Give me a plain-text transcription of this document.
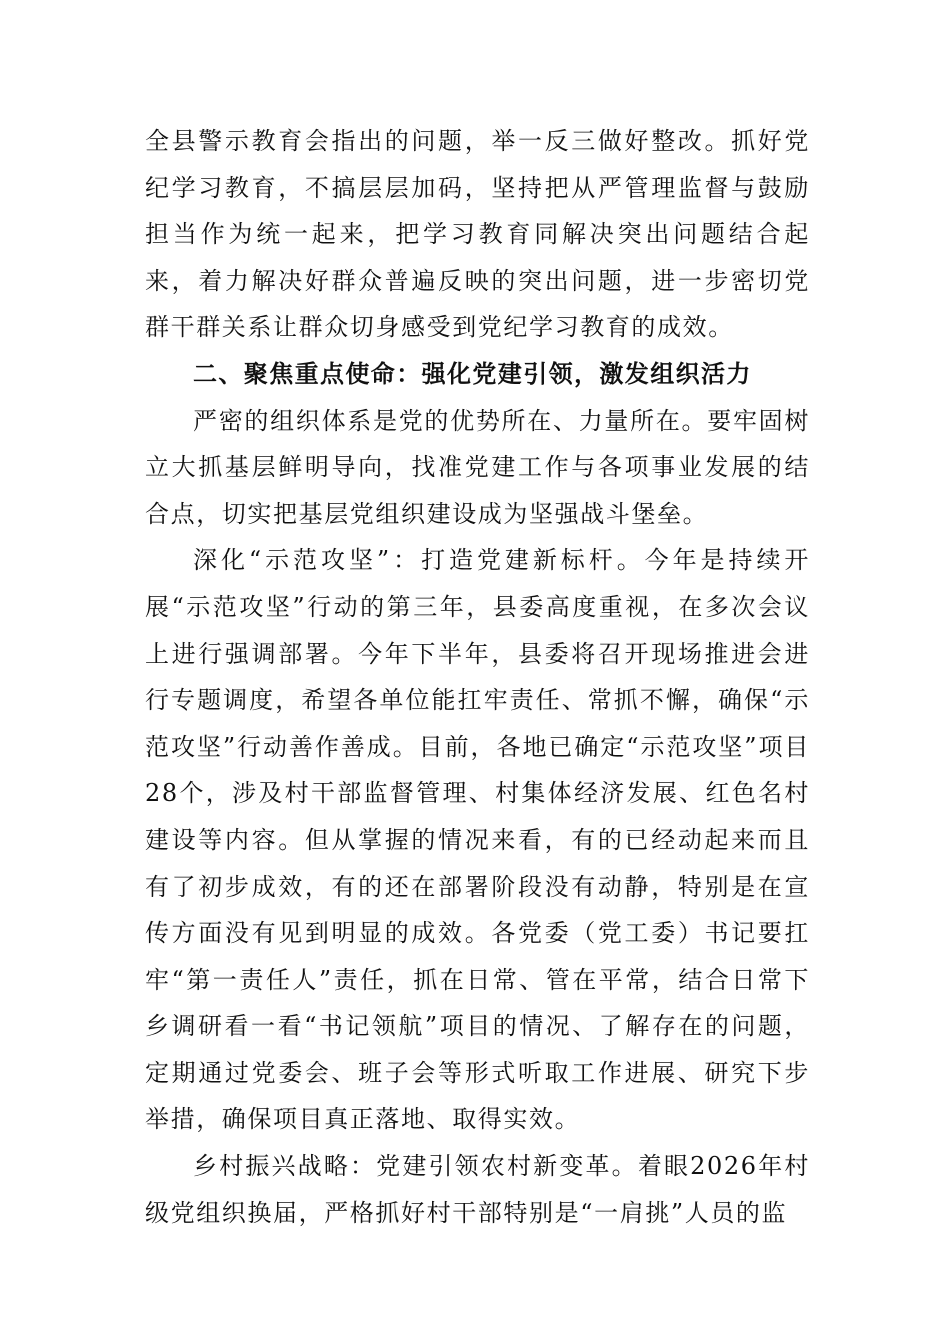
全县警示教育会指出的问题，举一反三做好整改。抓好党纪学习教育，不搞层层加码，坚持把从严管理监督与鼓励担当作为统一起来，把学习教育同解决突出问题结合起来，着力解决好群众普遍反映的突出问题，进一步密切党群干群关系让群众切身感受到党纪学习教育的成效。

二、聚焦重点使命：强化党建引领，激发组织活力

严密的组织体系是党的优势所在、力量所在。要牢固树立大抓基层鲜明导向，找准党建工作与各项事业发展的结合点，切实把基层党组织建设成为坚强战斗堡垒。

深化“示范攻坚”：打造党建新标杆。今年是持续开展“示范攻坚”行动的第三年，县委高度重视，在多次会议上进行强调部署。今年下半年，县委将召开现场推进会进行专题调度，希望各单位能扛牢责任、常抓不懈，确保“示范攻坚”行动善作善成。目前，各地已确定“示范攻坚”项目28个，涉及村干部监督管理、村集体经济发展、红色名村建设等内容。但从掌握的情况来看，有的已经动起来而且有了初步成效，有的还在部署阶段没有动静，特别是在宣传方面没有见到明显的成效。各党委（党工委）书记要扛牢“第一责任人”责任，抓在日常、管在平常，结合日常下乡调研看一看“书记领航”项目的情况、了解存在的问题，定期通过党委会、班子会等形式听取工作进展、研究下步举措，确保项目真正落地、取得实效。

乡村振兴战略：党建引领农村新变革。着眼2026年村级党组织换届，严格抓好村干部特别是“一肩挑”人员的监
